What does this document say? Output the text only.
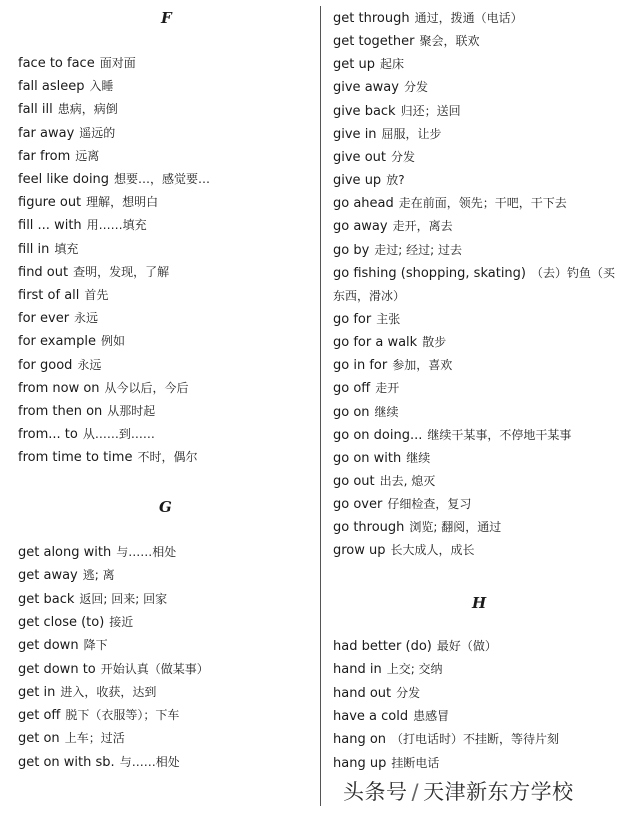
F
face to face 面对面
fall asleep 入睡
fall ill 患病，病倒
far away 遥远的
far from 远离
feel like doing 想要…，感觉要…
figure out 理解，想明白
fill ... with 用……填充
fill in 填充
find out 查明，发现，了解
first of all 首先
for ever 永远
for example 例如
for good 永远
from now on 从今以后，今后
from then on 从那时起
from... to 从……到……
from time to time 不时，偶尔
G
get along with 与……相处
get away 逃; 离
get back 返回; 回来; 回家
get close (to) 接近
get down 降下
get down to 开始认真（做某事）
get in 进入，收获，达到
get off 脱下（衣服等）；下车
get on 上车；过活
get on with sb. 与……相处
get through 通过，拨通（电话）
get together 聚会，联欢
get up 起床
give away 分发
give back 归还；送回
give in 屈服，让步
give out 分发
give up 放?
go ahead 走在前面，领先；干吧，干下去
go away 走开，离去
go by 走过; 经过; 过去
go fishing (shopping, skating) （去）钓鱼（买
东西，滑冰）
go for 主张
go for a walk 散步
go in for 参加，喜欢
go off 走开
go on 继续
go on doing... 继续干某事，不停地干某事
go on with 继续
go out 出去, 熄灭
go over 仔细检查，复习
go through 浏览; 翻阅，通过
grow up 长大成人，成长
H
had better (do) 最好（做）
hand in 上交; 交纳
hand out 分发
have a cold 患感冒
hang on （打电话时）不挂断，等待片刻
hang up 挂断电话
头条号 / 天津新东方学校
